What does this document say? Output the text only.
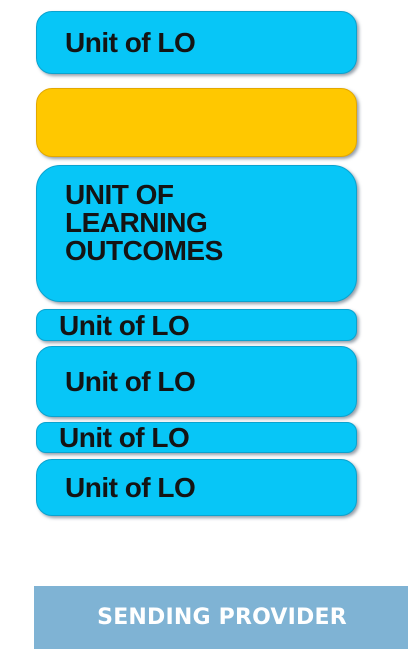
Unit of LO

UNIT OF
LEARNING
OUTCOMES

Unit of LO
Unit of LO
Unit of LO
Unit of LO
SENDING PROVIDER
